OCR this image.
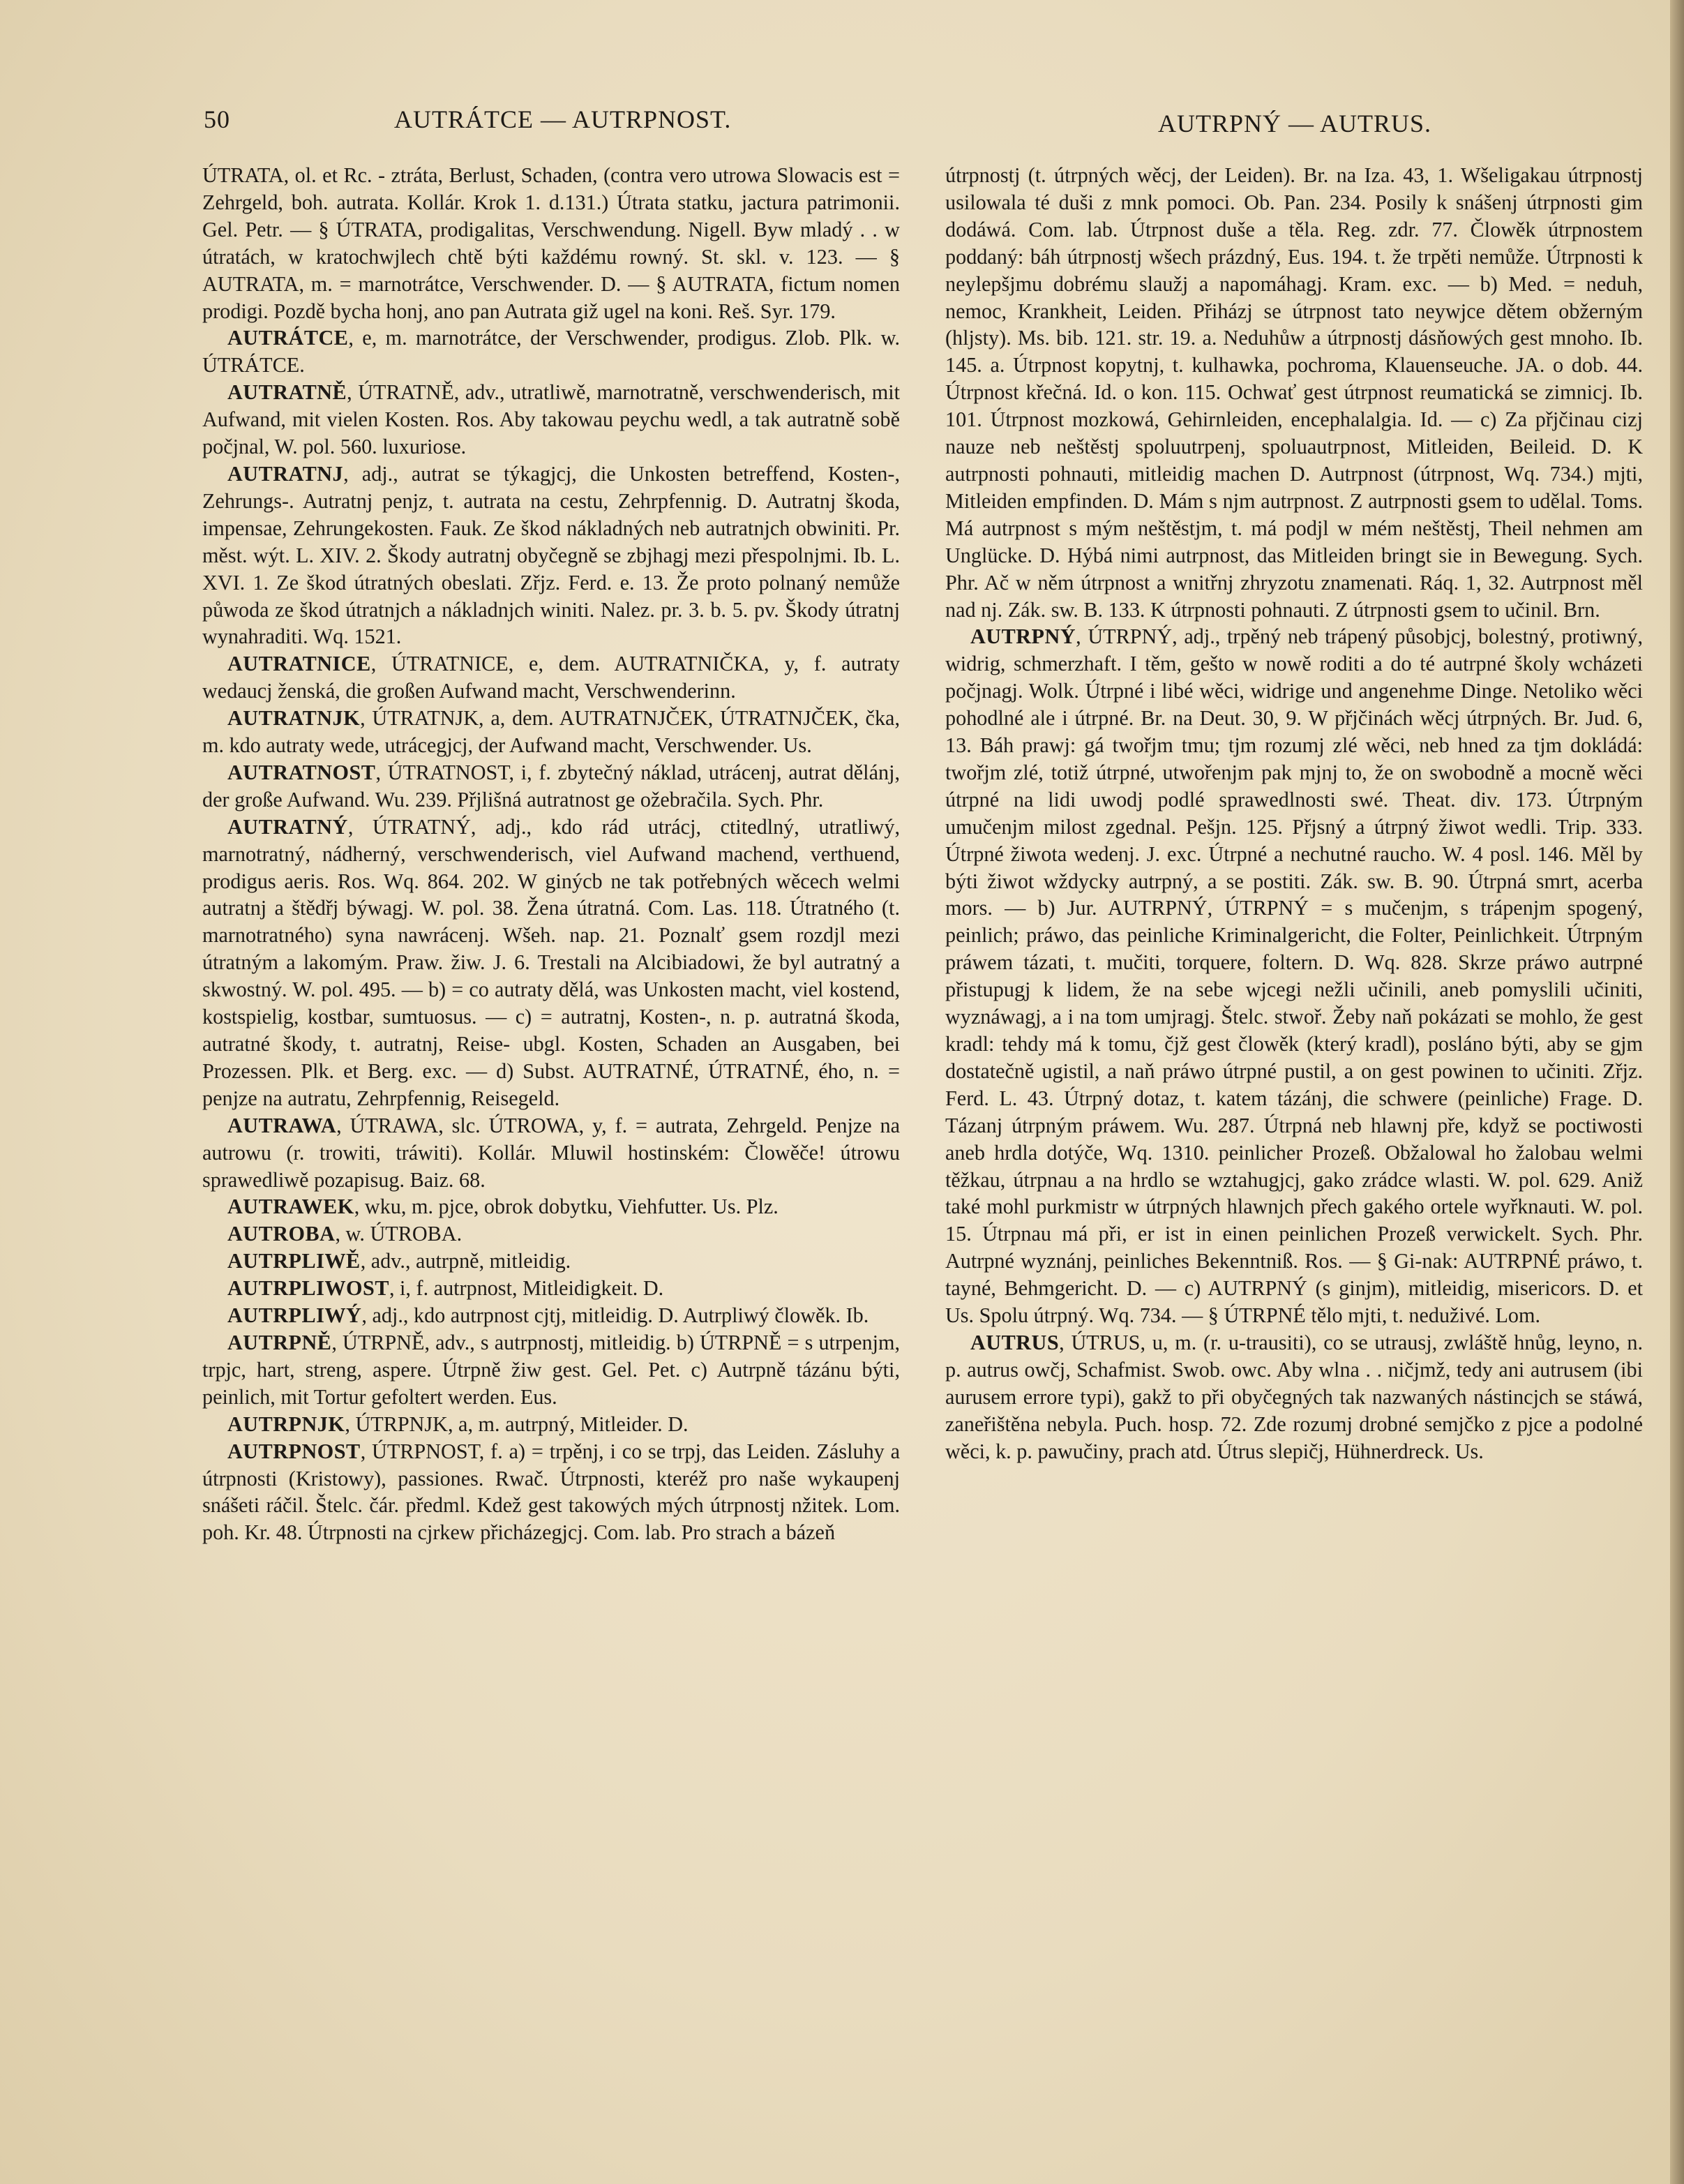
50	AUTRÁTCE — AUTRPNOST.	AUTRPNÝ — AUTRUS.

ÚTRATA, ol. et Rc. - ztráta, Berlust, Schaden, (contra vero utrowa Slowacis est = Zehrgeld, boh. autrata. Kollár. Krok 1. d.131.) Útrata statku, jactura patrimonii. Gel. Petr. — § ÚTRATA, prodigalitas, Verschwendung. Nigell. Byw mladý . . w útratách, w kratochwjlech chtě býti každému rowný. St. skl. v. 123. — § AUTRATA, m. = marnotrátce, Verschwender. D. — § AUTRATA, fictum nomen prodigi. Pozdě bycha honj, ano pan Autrata giž ugel na koni. Reš. Syr. 179.

AUTRÁTCE, e, m. marnotrátce, der Verschwender, prodigus. Zlob. Plk. w. ÚTRÁTCE.

AUTRATNĚ, ÚTRATNĚ, adv., utratliwě, marnotratně, verschwenderisch, mit Aufwand, mit vielen Kosten. Ros. Aby takowau peychu wedl, a tak autratně sobě počjnal, W. pol. 560. luxuriose.

AUTRATNJ, adj., autrat se týkagjcj, die Unkosten betreffend, Kosten-, Zehrungs-. Autratnj penjz, t. autrata na cestu, Zehrpfennig. D. Autratnj škoda, impensae, Zehrungekosten. Fauk. Ze škod nákladných neb autratnjch obwiniti. Pr. měst. wýt. L. XIV. 2. Škody autratnj obyčegně se zbjhagj mezi přespolnjmi. Ib. L. XVI. 1. Ze škod útratných obeslati. Zřjz. Ferd. e. 13. Že proto polnaný nemůže půwoda ze škod útratnjch a nákladnjch winiti. Nalez. pr. 3. b. 5. pv. Škody útratnj wynahraditi. Wq. 1521.

AUTRATNICE, ÚTRATNICE, e, dem. AUTRATNIČKA, y, f. autraty wedaucj ženská, die großen Aufwand macht, Verschwenderinn.

AUTRATNJK, ÚTRATNJK, a, dem. AUTRATNJČEK, ÚTRATNJČEK, čka, m. kdo autraty wede, utrácegjcj, der Aufwand macht, Verschwender. Us.

AUTRATNOST, ÚTRATNOST, i, f. zbytečný náklad, utrácenj, autrat dělánj, der große Aufwand. Wu. 239. Přjlišná autratnost ge ožebračila. Sych. Phr.

AUTRATNÝ, ÚTRATNÝ, adj., kdo rád utrácj, ctitedlný, utratliwý, marnotratný, nádherný, verschwenderisch, viel Aufwand machend, verthuend, prodigus aeris. Ros. Wq. 864. 202. W ginýcb ne tak potřebných wěcech welmi autratnj a štědřj býwagj. W. pol. 38. Žena útratná. Com. Las. 118. Útratného (t. marnotratného) syna nawrácenj. Wšeh. nap. 21. Poznalť gsem rozdjl mezi útratným a lakomým. Praw. žiw. J. 6. Trestali na Alcibiadowi, že byl autratný a skwostný. W. pol. 495. — b) = co autraty dělá, was Unkosten macht, viel kostend, kostspielig, kostbar, sumtuosus. — c) = autratnj, Kosten-, n. p. autratná škoda, autratné škody, t. autratnj, Reise- ubgl. Kosten, Schaden an Ausgaben, bei Prozessen. Plk. et Berg. exc. — d) Subst. AUTRATNÉ, ÚTRATNÉ, ého, n. = penjze na autratu, Zehrpfennig, Reisegeld.

AUTRAWA, ÚTRAWA, slc. ÚTROWA, y, f. = autrata, Zehrgeld. Penjze na autrowu (r. trowiti, tráwiti). Kollár. Mluwil hostinském: Člowěče! útrowu sprawedliwě pozapisug. Baiz. 68.

AUTRAWEK, wku, m. pjce, obrok dobytku, Viehfutter. Us. Plz.

AUTROBA, w. ÚTROBA.

AUTRPLIWĚ, adv., autrpně, mitleidig.

AUTRPLIWOST, i, f. autrpnost, Mitleidigkeit. D.

AUTRPLIWÝ, adj., kdo autrpnost cjtj, mitleidig. D. Autrpliwý člowěk. Ib.

AUTRPNĚ, ÚTRPNĚ, adv., s autrpnostj, mitleidig. b) ÚTRPNĚ = s utrpenjm, trpjc, hart, streng, aspere. Útrpně žiw gest. Gel. Pet. c) Autrpně tázánu býti, peinlich, mit Tortur gefoltert werden. Eus.

AUTRPNJK, ÚTRPNJK, a, m. autrpný, Mitleider. D.

AUTRPNOST, ÚTRPNOST, f. a) = trpěnj, i co se trpj, das Leiden. Zásluhy a útrpnosti (Kristowy), passiones. Rwač. Útrpnosti, kteréž pro naše wykaupenj snášeti ráčil. Štelc. čár. předml. Kdež gest takowých mých útrpnostj nžitek. Lom. poh. Kr. 48. Útrpnosti na cjrkew přicházegjcj. Com. lab. Pro strach a bázeň

útrpnostj (t. útrpných wěcj, der Leiden). Br. na Iza. 43, 1. Wšeligakau útrpnostj usilowala té duši z mnk pomoci. Ob. Pan. 234. Posily k snášenj útrpnosti gim dodáwá. Com. lab. Útrpnost duše a těla. Reg. zdr. 77. Člowěk útrpnostem poddaný: báh útrpnostj wšech prázdný, Eus. 194. t. že trpěti nemůže. Útrpnosti k neylepšjmu dobrému slaužj a napomáhagj. Kram. exc. — b) Med. = neduh, nemoc, Krankheit, Leiden. Přiházj se útrpnost tato neywjce dětem obžerným (hljsty). Ms. bib. 121. str. 19. a. Neduhůw a útrpnostj dásňowých gest mnoho. Ib. 145. a. Útrpnost kopytnj, t. kulhawka, pochroma, Klauenseuche. JA. o dob. 44. Útrpnost křečná. Id. o kon. 115. Ochwať gest útrpnost reumatická se zimnicj. Ib. 101. Útrpnost mozkowá, Gehirnleiden, encephalalgia. Id. — c) Za přjčinau cizj nauze neb neštěstj spoluutrpenj, spoluautrpnost, Mitleiden, Beileid. D. K autrpnosti pohnauti, mitleidig machen D. Autrpnost (útrpnost, Wq. 734.) mjti, Mitleiden empfinden. D. Mám s njm autrpnost. Z autrpnosti gsem to udělal. Toms. Má autrpnost s mým neštěstjm, t. má podjl w mém neštěstj, Theil nehmen am Unglücke. D. Hýbá nimi autrpnost, das Mitleiden bringt sie in Bewegung. Sych. Phr. Ač w něm útrpnost a wnitřnj zhryzotu znamenati. Ráq. 1, 32. Autrpnost měl nad nj. Zák. sw. B. 133. K útrpnosti pohnauti. Z útrpnosti gsem to učinil. Brn.

AUTRPNÝ, ÚTRPNÝ, adj., trpěný neb trápený působjcj, bolestný, protiwný, widrig, schmerzhaft. I těm, gešto w nowě roditi a do té autrpné školy wcházeti počjnagj. Wolk. Útrpné i libé wěci, widrige und angenehme Dinge. Netoliko wěci pohodlné ale i útrpné. Br. na Deut. 30, 9. W přjčinách wěcj útrpných. Br. Jud. 6, 13. Báh prawj: gá twořjm tmu; tjm rozumj zlé wěci, neb hned za tjm dokládá: twořjm zlé, totiž útrpné, utwořenjm pak mjnj to, že on swobodně a mocně wěci útrpné na lidi uwodj podlé sprawedlnosti swé. Theat. div. 173. Útrpným umučenjm milost zgednal. Pešjn. 125. Přjsný a útrpný žiwot wedli. Trip. 333. Útrpné žiwota wedenj. J. exc. Útrpné a nechutné raucho. W. 4 posl. 146. Měl by býti žiwot wždycky autrpný, a se postiti. Zák. sw. B. 90. Útrpná smrt, acerba mors. — b) Jur. AUTRPNÝ, ÚTRPNÝ = s mučenjm, s trápenjm spogený, peinlich; práwo, das peinliche Kriminalgericht, die Folter, Peinlichkeit. Útrpným práwem tázati, t. mučiti, torquere, foltern. D. Wq. 828. Skrze práwo autrpné přistupugj k lidem, že na sebe wjcegi nežli učinili, aneb pomyslili učiniti, wyznáwagj, a i na tom umjragj. Štelc. stwoř. Žeby naň pokázati se mohlo, že gest kradl: tehdy má k tomu, čjž gest člowěk (který kradl), posláno býti, aby se gjm dostatečně ugistil, a naň práwo útrpné pustil, a on gest powinen to učiniti. Zřjz. Ferd. L. 43. Útrpný dotaz, t. katem tázánj, die schwere (peinliche) Frage. D. Tázanj útrpným práwem. Wu. 287. Útrpná neb hlawnj pře, když se poctiwosti aneb hrdla dotýče, Wq. 1310. peinlicher Prozeß. Obžalowal ho žalobau welmi těžkau, útrpnau a na hrdlo se wztahugjcj, gako zrádce wlasti. W. pol. 629. Aniž také mohl purkmistr w útrpných hlawnjch přech gakého ortele wyřknauti. W. pol. 15. Útrpnau má při, er ist in einen peinlichen Prozeß verwickelt. Sych. Phr. Autrpné wyznánj, peinliches Bekenntniß. Ros. — § Gi-nak: AUTRPNÉ práwo, t. tayné, Behmgericht. D. — c) AUTRPNÝ (s ginjm), mitleidig, misericors. D. et Us. Spolu útrpný. Wq. 734. — § ÚTRPNÉ tělo mjti, t. neduživé. Lom.

AUTRUS, ÚTRUS, u, m. (r. u-trausiti), co se utrausj, zwláště hnůg, leyno, n. p. autrus owčj, Schafmist. Swob. owc. Aby wlna . . ničjmž, tedy ani autrusem (ibi aurusem errore typi), gakž to při obyčegných tak nazwaných nástincjch se stáwá, zaneřištěna nebyla. Puch. hosp. 72. Zde rozumj drobné semjčko z pjce a podolné wěci, k. p. pawučiny, prach atd. Útrus slepičj, Hühnerdreck. Us.
